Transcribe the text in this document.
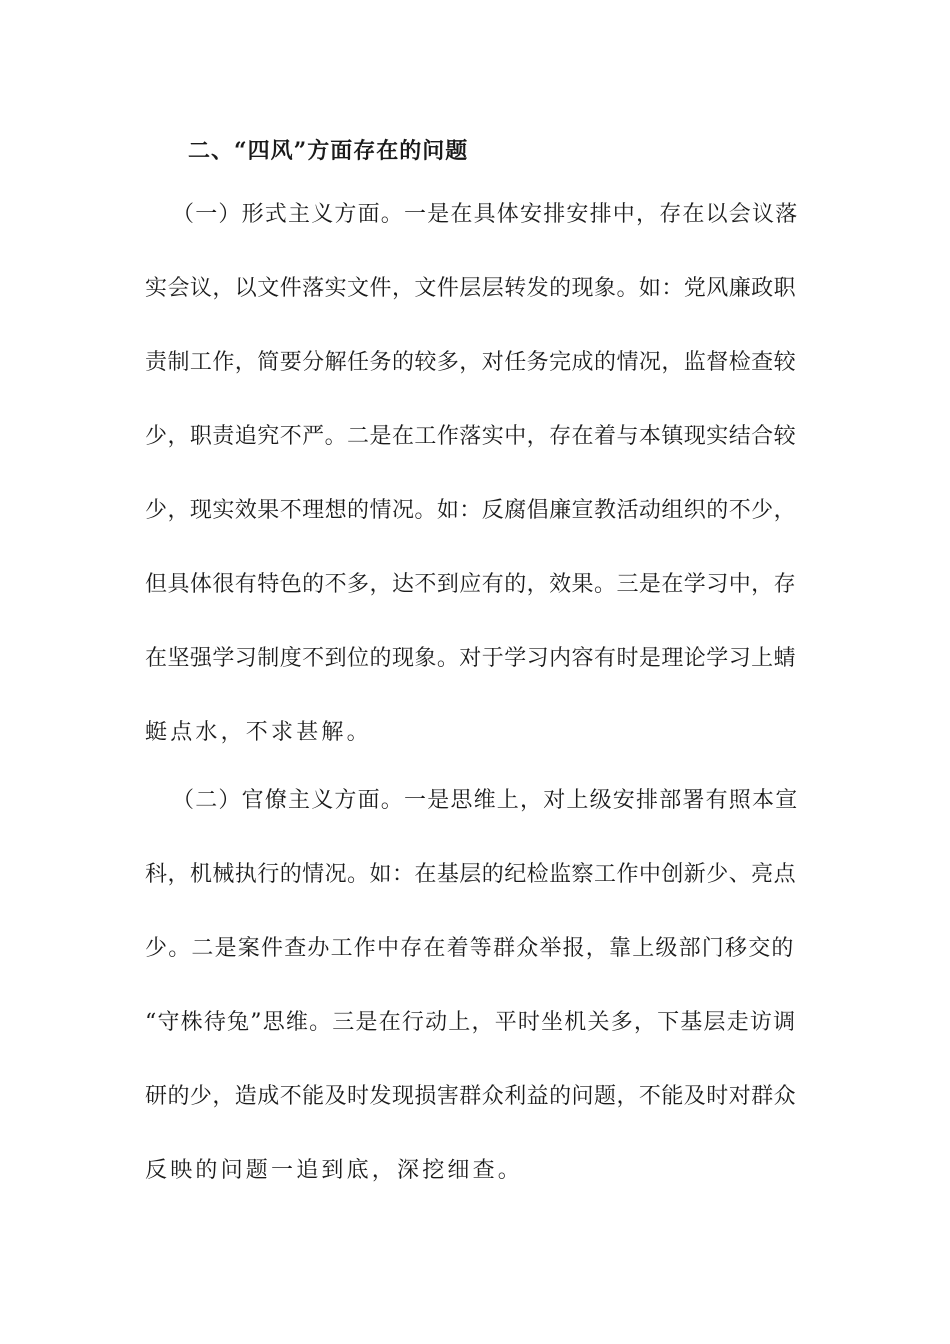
二、“四风”方面存在的问题
（一）形式主义方面。一是在具体安排安排中，存在以会议落
实会议，以文件落实文件，文件层层转发的现象。如：党风廉政职
责制工作，简要分解任务的较多，对任务完成的情况，监督检查较
少，职责追究不严。二是在工作落实中，存在着与本镇现实结合较
少，现实效果不理想的情况。如：反腐倡廉宣教活动组织的不少，
但具体很有特色的不多，达不到应有的，效果。三是在学习中，存
在坚强学习制度不到位的现象。对于学习内容有时是理论学习上蜻
蜓点水，不求甚解。
（二）官僚主义方面。一是思维上，对上级安排部署有照本宣
科，机械执行的情况。如：在基层的纪检监察工作中创新少、亮点
少。二是案件查办工作中存在着等群众举报，靠上级部门移交的
“守株待兔”思维。三是在行动上，平时坐机关多，下基层走访调
研的少，造成不能及时发现损害群众利益的问题，不能及时对群众
反映的问题一追到底，深挖细查。
